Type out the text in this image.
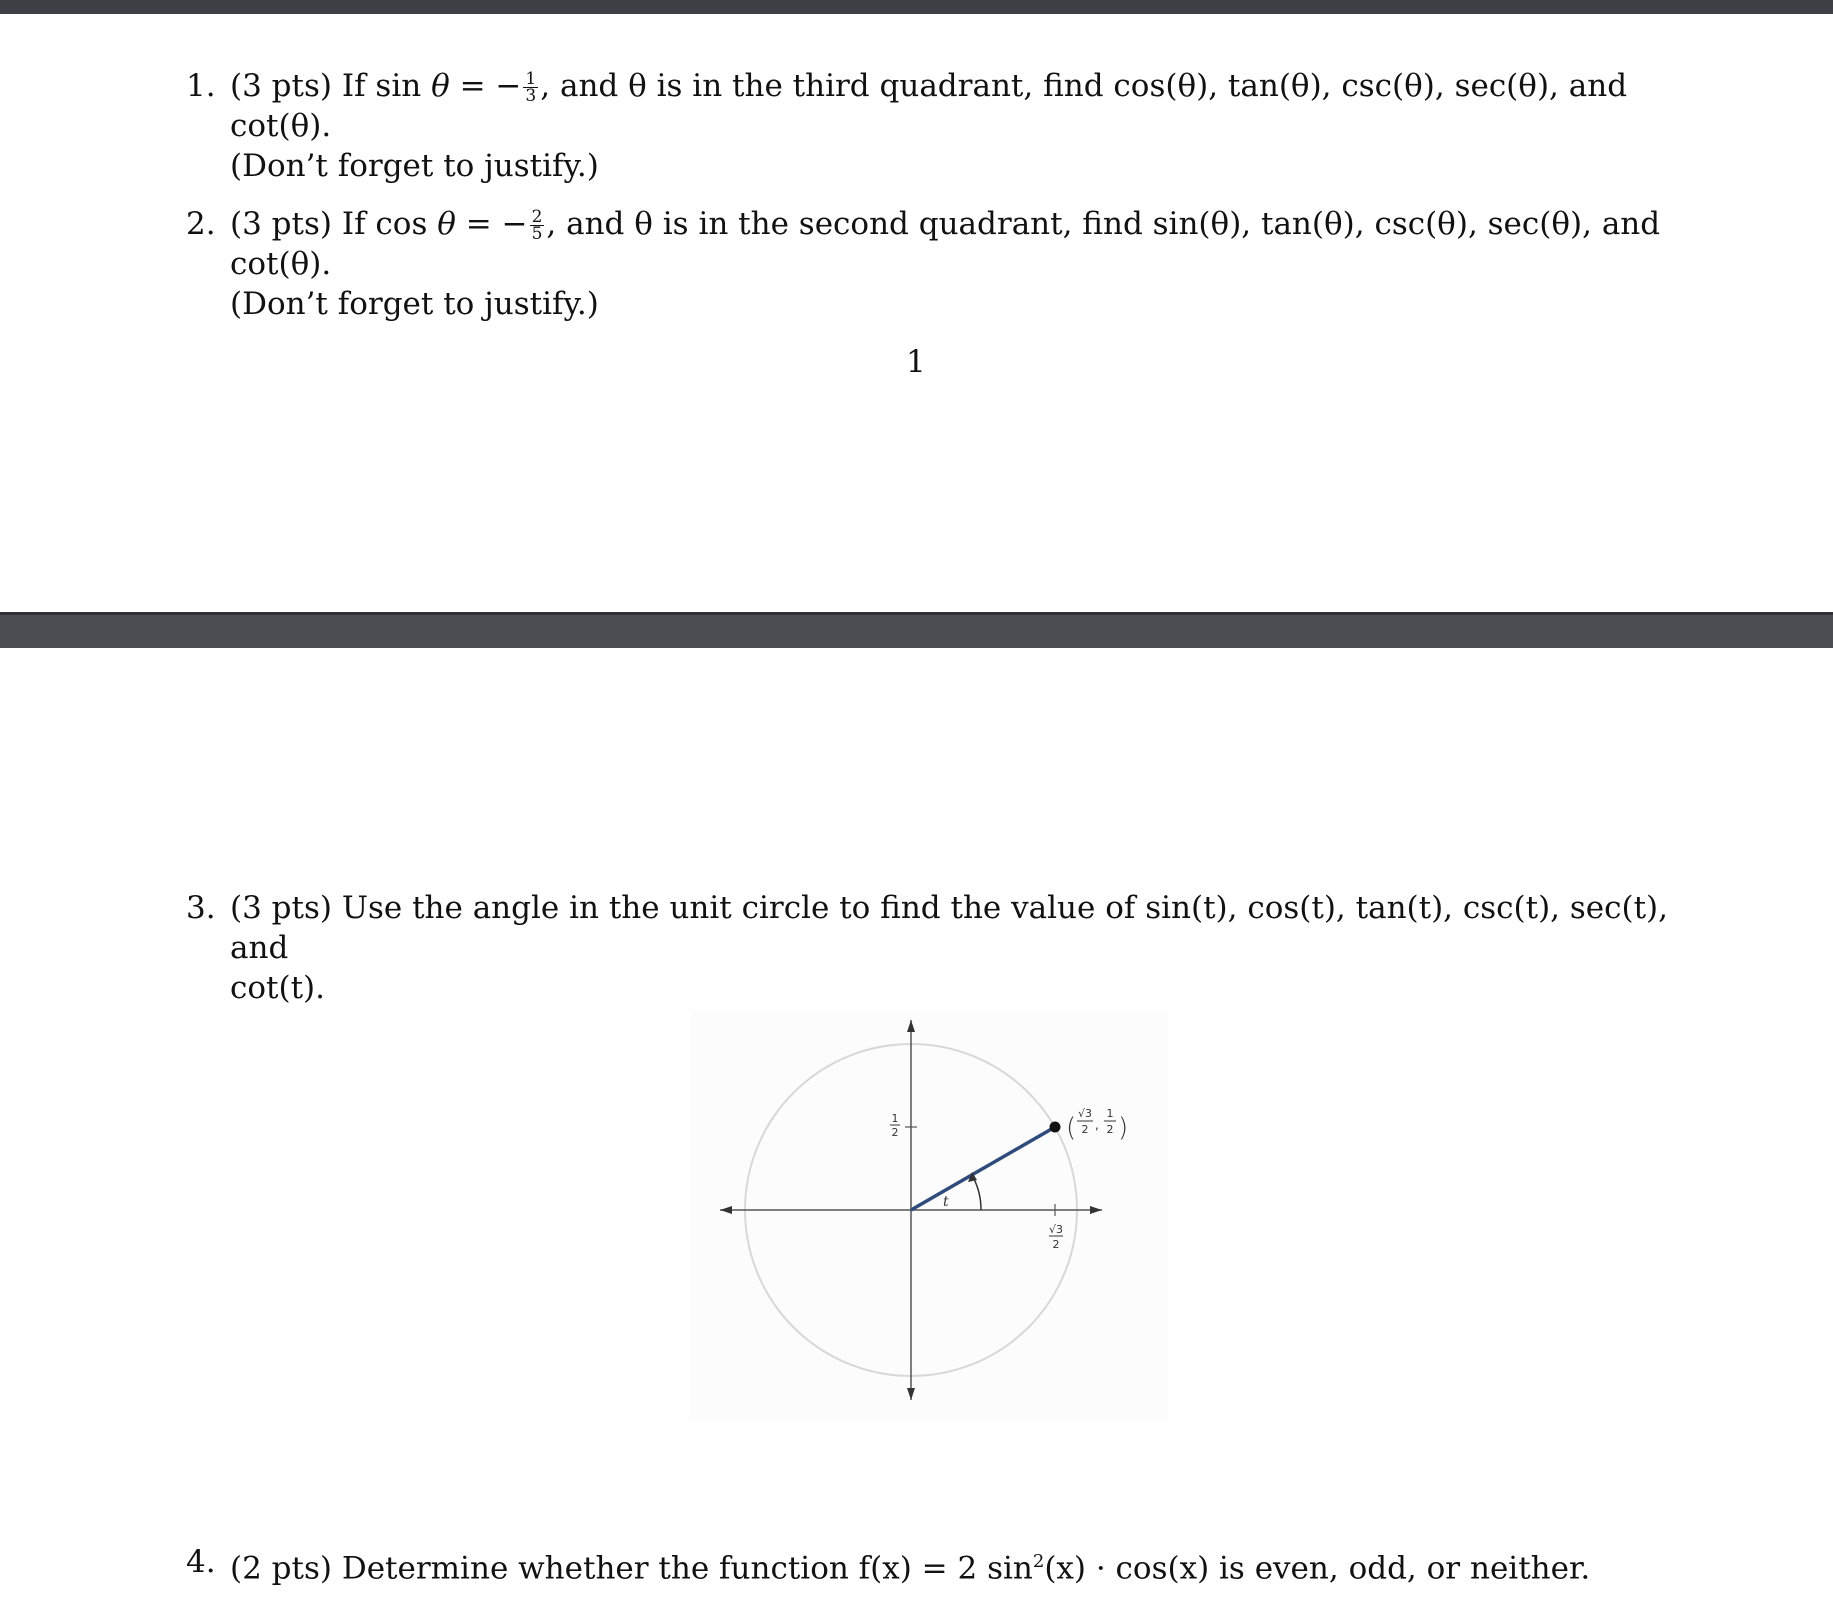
1. (3 pts) If sin θ = − $\frac{1}{3}$ , and θ is in the third quadrant, find cos(θ), tan(θ), csc(θ), sec(θ), and cot(θ).
(Don’t forget to justify.)
2. (3 pts) If cos θ = − $\frac{2}{5}$ , and θ is in the second quadrant, find sin(θ), tan(θ), csc(θ), sec(θ), and cot(θ).
(Don’t forget to justify.)
1
3. (3 pts) Use the angle in the unit circle to find the value of sin(t), cos(t), tan(t), csc(t), sec(t), and
cot(t).
t
1
2
√3
2
( √3
2 ,
1
2 )
4. (2 pts) Determine whether the function f(x) = 2 $\sin^2(x) \cdot \cos(x)$ is even, odd, or neither.
